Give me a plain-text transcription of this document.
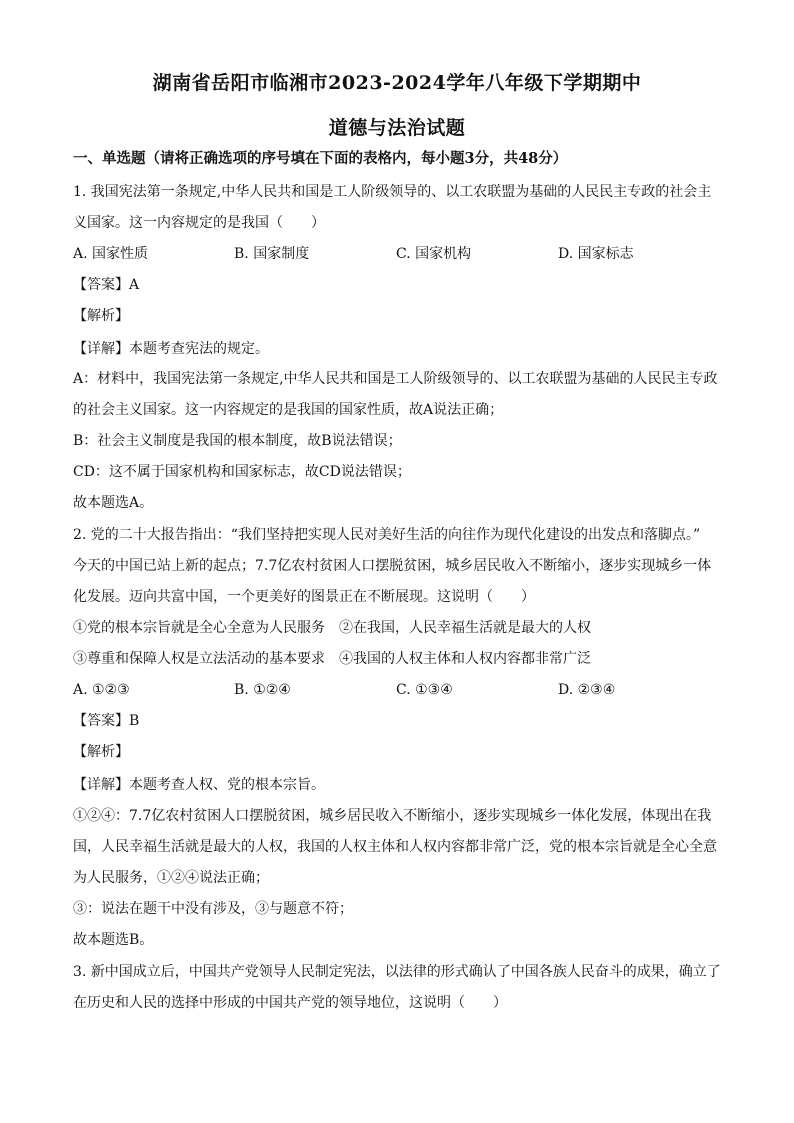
湖南省岳阳市临湘市2023-2024学年八年级下学期期中
道德与法治试题
一、单选题（请将正确选项的序号填在下面的表格内，每小题3分，共48分）
1. 我国宪法第一条规定,中华人民共和国是工人阶级领导的、以工农联盟为基础的人民民主专政的社会主
义国家。这一内容规定的是我国（　　）
A. 国家性质	B. 国家制度	C. 国家机构	D. 国家标志
【答案】A
【解析】
【详解】本题考查宪法的规定。
A：材料中，我国宪法第一条规定,中华人民共和国是工人阶级领导的、以工农联盟为基础的人民民主专政
的社会主义国家。这一内容规定的是我国的国家性质，故A说法正确；
B：社会主义制度是我国的根本制度，故B说法错误；
CD：这不属于国家机构和国家标志，故CD说法错误；
故本题选A。
2. 党的二十大报告指出：“我们坚持把实现人民对美好生活的向往作为现代化建设的出发点和落脚点。”
今天的中国已站上新的起点；7.7亿农村贫困人口摆脱贫困，城乡居民收入不断缩小，逐步实现城乡一体
化发展。迈向共富中国，一个更美好的图景正在不断展现。这说明（　　）
①党的根本宗旨就是全心全意为人民服务　②在我国，人民幸福生活就是最大的人权
③尊重和保障人权是立法活动的基本要求　④我国的人权主体和人权内容都非常广泛
A. ①②③	B. ①②④	C. ①③④	D. ②③④
【答案】B
【解析】
【详解】本题考查人权、党的根本宗旨。
①②④：7.7亿农村贫困人口摆脱贫困，城乡居民收入不断缩小，逐步实现城乡一体化发展，体现出在我
国，人民幸福生活就是最大的人权，我国的人权主体和人权内容都非常广泛，党的根本宗旨就是全心全意
为人民服务，①②④说法正确；
③：说法在题干中没有涉及，③与题意不符；
故本题选B。
3. 新中国成立后，中国共产党领导人民制定宪法，以法律的形式确认了中国各族人民奋斗的成果，确立了
在历史和人民的选择中形成的中国共产党的领导地位，这说明（　　）
